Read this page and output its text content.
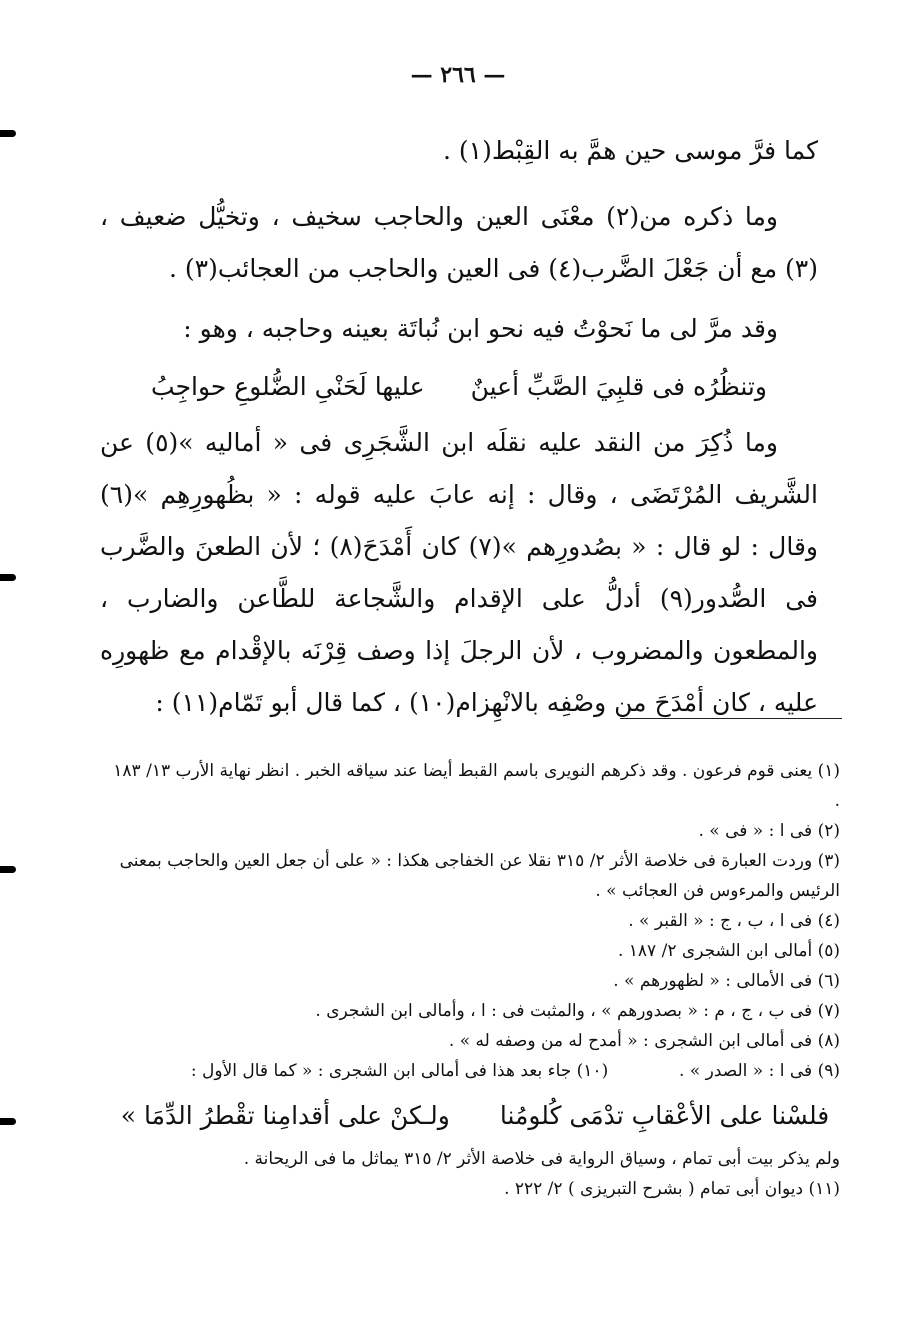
— ٢٦٦ —

كما فرَّ موسى حين همَّ به القِبْط(١) .

وما ذكره من(٢) معْنَى العين والحاجب سخيف ، وتخيُّل ضعيف ، (٣) مع أن جَعْلَ الضَّرب(٤) فى العين والحاجب من العجائب(٣) .

وقد مرَّ لى ما نَحوْتُ فيه نحو ابن نُباتَة بعينه وحاجبه ، وهو :

وتنظُرُه فى قلبِيَ الصَّبِّ أعينٌ
عليها لَحَنْىِ الضُّلوعِ حواجِبُ

وما ذُكِرَ من النقد عليه نقلَه ابن الشَّجَرِى فى « أماليه »(٥) عن الشَّريف المُرْتَضَى ، وقال : إنه عابَ عليه قوله : « بظُهورِهِم »(٦) وقال : لو قال : « بصُدورِهم »(٧) كان أَمْدَحَ(٨) ؛ لأن الطعنَ والضَّرب فى الصُّدور(٩) أدلُّ على الإقدام والشَّجاعة للطَّاعن والضارب ، والمطعون والمضروب ، لأن الرجلَ إذا وصف قِرْنَه بالإقْدام مع ظهورِه عليه ، كان أمْدَحَ من وصْفِه بالانْهِزام(١٠) ، كما قال أبو تَمّام(١١) :

(١) يعنى قوم فرعون . وقد ذكرهم النويرى باسم القبط أيضا عند سياقه الخبر . انظر نهاية الأرب ١٣/ ١٨٣ .

(٢) فى ا : « فى » .

(٣) وردت العبارة فى خلاصة الأثر ٢/ ٣١٥ نقلا عن الخفاجى هكذا : « على أن جعل العين والحاجب بمعنى الرئيس والمرءوس فن العجائب » .

(٤) فى ا ، ب ، ج : « القبر » .

(٥) أمالى ابن الشجرى ٢/ ١٨٧ .

(٦) فى الأمالى : « لظهورهم » .

(٧) فى ب ، ج ، م : « بصدورهم » ، والمثبت فى : ا ، وأمالى ابن الشجرى .

(٨) فى أمالى ابن الشجرى : « أمدح له من وصفه له » .

(٩) فى ا : « الصدر » .  (١٠) جاء بعد هذا فى أمالى ابن الشجرى : « كما قال الأول :

فلسْنا على الأعْقابِ تدْمَى كُلومُنا
ولـكنْ على أقدامِنا تقْطرُ الدِّمَا »

ولم يذكر بيت أبى تمام ، وسياق الرواية فى خلاصة الأثر ٢/ ٣١٥ يماثل ما فى الريحانة .

(١١) ديوان أبى تمام ( بشرح التبريزى ) ٢/ ٢٢٢ .
